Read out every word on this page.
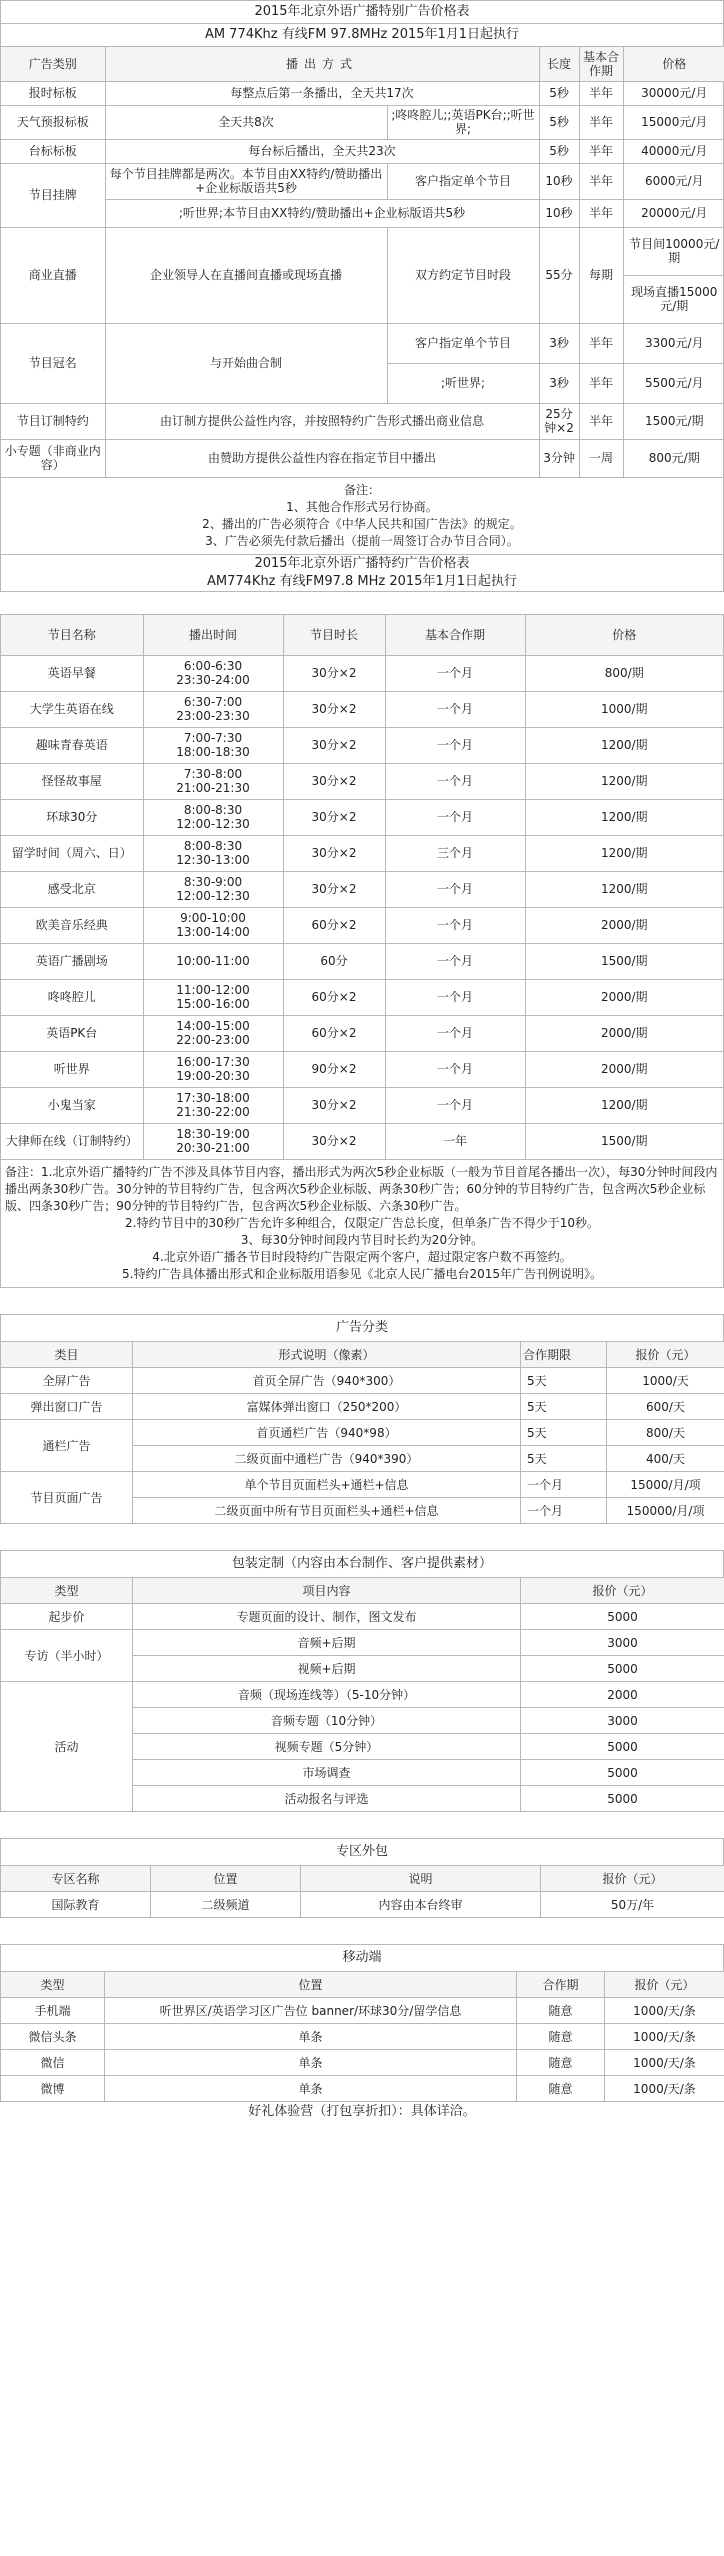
2015年北京外语广播特别广告价格表
AM 774Khz 有线FM 97.8MHz 2015年1月1日起执行
广告类别	播出方式		长度	基本合作期	价格
报时标板	每整点后第一条播出，全天共17次		5秒	半年	30000元/月
天气预报标板	全天共8次	;咚咚腔儿;;英语PK台;;听世界;	5秒	半年	15000元/月
台标标板	每台标后播出，全天共23次		5秒	半年	40000元/月
节目挂牌	每个节目挂牌都是两次。本节目由XX特约/赞助播出+企业标版语共5秒	客户指定单个节目	10秒	半年	6000元/月
	;听世界;本节目由XX特约/赞助播出+企业标版语共5秒		10秒	半年	20000元/月
商业直播	企业领导人在直播间直播或现场直播	双方约定节目时段	55分	每期	节目间10000元/期
					现场直播15000元/期
节目冠名	与开始曲合制	客户指定单个节目	3秒	半年	3300元/月
		;听世界;	3秒	半年	5500元/月
节目订制特约	由订制方提供公益性内容，并按照特约广告形式播出商业信息		25分钟×2	半年	1500元/期
小专题（非商业内容）	由赞助方提供公益性内容在指定节目中播出		3分钟	一周	800元/期
备注：
1、其他合作形式另行协商。
2、播出的广告必须符合《中华人民共和国广告法》的规定。
3、广告必须先付款后播出（提前一周签订合办节目合同）。
2015年北京外语广播特约广告价格表
AM774Khz 有线FM97.8 MHz 2015年1月1日起执行
节目名称	播出时间	节目时长	基本合作期	价格
英语早餐	6:00-6:30
23:30-24:00	30分×2	一个月	800/期
大学生英语在线	6:30-7:00
23:00-23:30	30分×2	一个月	1000/期
趣味青春英语	7:00-7:30
18:00-18:30	30分×2	一个月	1200/期
怪怪故事屋	7:30-8:00
21:00-21:30	30分×2	一个月	1200/期
环球30分	8:00-8:30
12:00-12:30	30分×2	一个月	1200/期
留学时间（周六、日）	8:00-8:30
12:30-13:00	30分×2	三个月	1200/期
感受北京	8:30-9:00
12:00-12:30	30分×2	一个月	1200/期
欧美音乐经典	9:00-10:00
13:00-14:00	60分×2	一个月	2000/期
英语广播剧场	10:00-11:00	60分	一个月	1500/期
咚咚腔儿	11:00-12:00
15:00-16:00	60分×2	一个月	2000/期
英语PK台	14:00-15:00
22:00-23:00	60分×2	一个月	2000/期
听世界	16:00-17:30
19:00-20:30	90分×2	一个月	2000/期
小鬼当家	17:30-18:00
21:30-22:00	30分×2	一个月	1200/期
大律师在线（订制特约）	18:30-19:00
20:30-21:00	30分×2	一年	1500/期
备注：1.北京外语广播特约广告不涉及具体节目内容，播出形式为两次5秒企业标版（一般为节目首尾各播出一次），每30分钟时间段内播出两条30秒广告。30分钟的节目特约广告，包含两次5秒企业标版、两条30秒广告；60分钟的节目特约广告，包含两次5秒企业标版、四条30秒广告；90分钟的节目特约广告，包含两次5秒企业标版、六条30秒广告。
2.特约节目中的30秒广告允许多种组合，仅限定广告总长度，但单条广告不得少于10秒。
3、每30分钟时间段内节目时长约为20分钟。
4.北京外语广播各节目时段特约广告限定两个客户，超过限定客户数不再签约。
5.特约广告具体播出形式和企业标版用语参见《北京人民广播电台2015年广告刊例说明》。
广告分类
类目	形式说明（像素）	合作期限	报价（元）
全屏广告	首页全屏广告（940*300）	5天	1000/天
弹出窗口广告	富媒体弹出窗口（250*200）	5天	600/天
通栏广告	首页通栏广告（940*98）	5天	800/天
	二级页面中通栏广告（940*390）	5天	400/天
节目页面广告	单个节目页面栏头+通栏+信息	一个月	15000/月/项
	二级页面中所有节目页面栏头+通栏+信息	一个月	150000/月/项
包装定制（内容由本台制作、客户提供素材）
类型	项目内容	报价（元）
起步价	专题页面的设计、制作，图文发布	5000
专访（半小时）	音频+后期	3000
	视频+后期	5000
活动	音频（现场连线等）（5-10分钟）	2000
	音频专题（10分钟）	3000
	视频专题（5分钟）	5000
	市场调查	5000
	活动报名与评选	5000
专区外包
专区名称	位置	说明	报价（元）
国际教育	二级频道	内容由本台终审	50万/年
移动端
类型	位置	合作期	报价（元）
手机端	听世界区/英语学习区广告位 banner/环球30分/留学信息	随意	1000/天/条
微信头条	单条	随意	1000/天/条
微信	单条	随意	1000/天/条
微博	单条	随意	1000/天/条
好礼体验营（打包享折扣）：具体详洽。
